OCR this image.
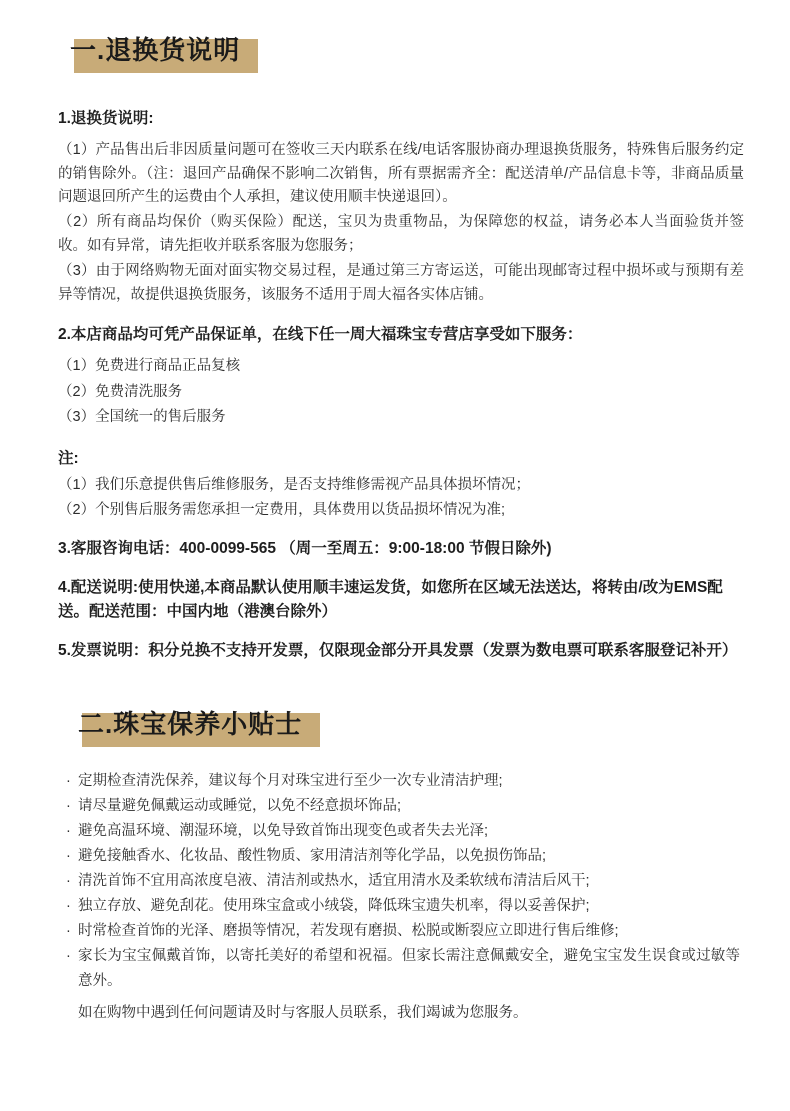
一.退换货说明
1.退换货说明:

（1）产品售出后非因质量问题可在签收三天内联系在线/电话客服协商办理退换货服务，特殊售后服务约定的销售除外。（注：退回产品确保不影响二次销售，所有票据需齐全：配送清单/产品信息卡等，非商品质量问题退回所产生的运费由个人承担，建议使用顺丰快递退回）。

（2）所有商品均保价（购买保险）配送，宝贝为贵重物品，为保障您的权益，请务必本人当面验货并签收。如有异常，请先拒收并联系客服为您服务；

（3）由于网络购物无面对面实物交易过程，是通过第三方寄运送，可能出现邮寄过程中损坏或与预期有差异等情况，故提供退换货服务，该服务不适用于周大福各实体店铺。

2.本店商品均可凭产品保证单，在线下任一周大福珠宝专营店享受如下服务：

（1）免费进行商品正品复核

（2）免费清洗服务

（3）全国统一的售后服务

注:

（1）我们乐意提供售后维修服务，是否支持维修需视产品具体损坏情况；

（2）个别售后服务需您承担一定费用，具体费用以货品损坏情况为准;

3.客服咨询电话：400-0099-565 （周一至周五：9:00-18:00 节假日除外)
4.配送说明:使用快递,本商品默认使用顺丰速运发货，如您所在区域无法送达，将转由/改为EMS配送。配送范围：中国内地（港澳台除外）
5.发票说明：积分兑换不支持开发票，仅限现金部分开具发票（发票为数电票可联系客服登记补开）
二.珠宝保养小贴士
· 定期检查清洗保养，建议每个月对珠宝进行至少一次专业清洁护理;
· 请尽量避免佩戴运动或睡觉，以免不经意损坏饰品;
· 避免高温环境、潮湿环境，以免导致首饰出现变色或者失去光泽;
· 避免接触香水、化妆品、酸性物质、家用清洁剂等化学品，以免损伤饰品;
· 清洗首饰不宜用高浓度皂液、清洁剂或热水，适宜用清水及柔软绒布清洁后风干;
· 独立存放、避免刮花。使用珠宝盒或小绒袋，降低珠宝遗失机率，得以妥善保护;
· 时常检查首饰的光泽、磨损等情况，若发现有磨损、松脱或断裂应立即进行售后维修;
· 家长为宝宝佩戴首饰，以寄托美好的希望和祝福。但家长需注意佩戴安全，避免宝宝发生误食或过敏等意外。
如在购物中遇到任何问题请及时与客服人员联系，我们竭诚为您服务。
